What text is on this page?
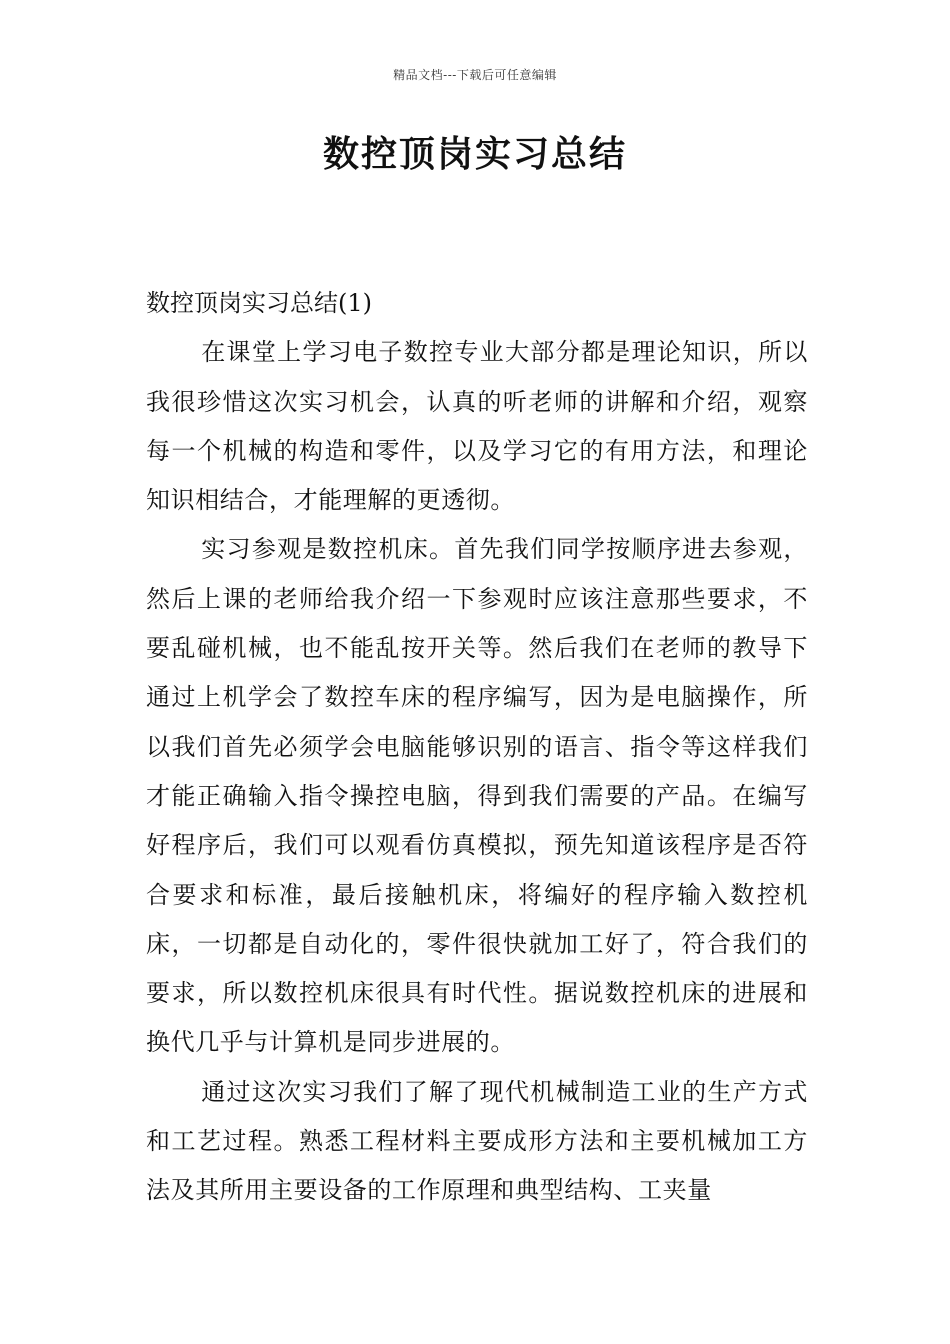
精品文档---下载后可任意编辑
数控顶岗实习总结

数控顶岗实习总结(1)

在课堂上学习电子数控专业大部分都是理论知识，所以我很珍惜这次实习机会，认真的听老师的讲解和介绍，观察每一个机械的构造和零件，以及学习它的有用方法，和理论知识相结合，才能理解的更透彻。

实习参观是数控机床。首先我们同学按顺序进去参观，然后上课的老师给我介绍一下参观时应该注意那些要求，不要乱碰机械，也不能乱按开关等。然后我们在老师的教导下通过上机学会了数控车床的程序编写，因为是电脑操作，所以我们首先必须学会电脑能够识别的语言、指令等这样我们才能正确输入指令操控电脑，得到我们需要的产品。在编写好程序后，我们可以观看仿真模拟，预先知道该程序是否符合要求和标准，最后接触机床，将编好的程序输入数控机床，一切都是自动化的，零件很快就加工好了，符合我们的要求，所以数控机床很具有时代性。据说数控机床的进展和换代几乎与计算机是同步进展的。

通过这次实习我们了解了现代机械制造工业的生产方式和工艺过程。熟悉工程材料主要成形方法和主要机械加工方法及其所用主要设备的工作原理和典型结构、工夹量
